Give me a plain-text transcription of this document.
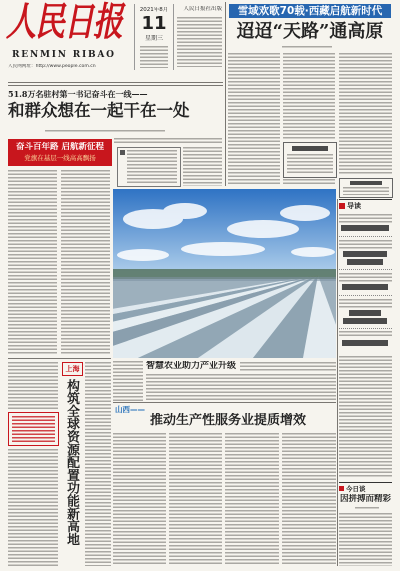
人民日报
RENMIN RIBAO
人民网网址：http://www.people.com.cn
2021年8月
11
星期三
人民日报社出版
51.8万名驻村第一书记奋斗在一线——
和群众想在一起干在一处
奋斗百年路 启航新征程
党旗在基层一线高高飘扬
雪域欢歌70载·西藏启航新时代
迢迢“天路”通高原
智慧农业助力产业升级
导读
今日谈
因拼搏而精彩
山西——
推动生产性服务业提质增效
上海
构筑全球资源配置功能新高地
